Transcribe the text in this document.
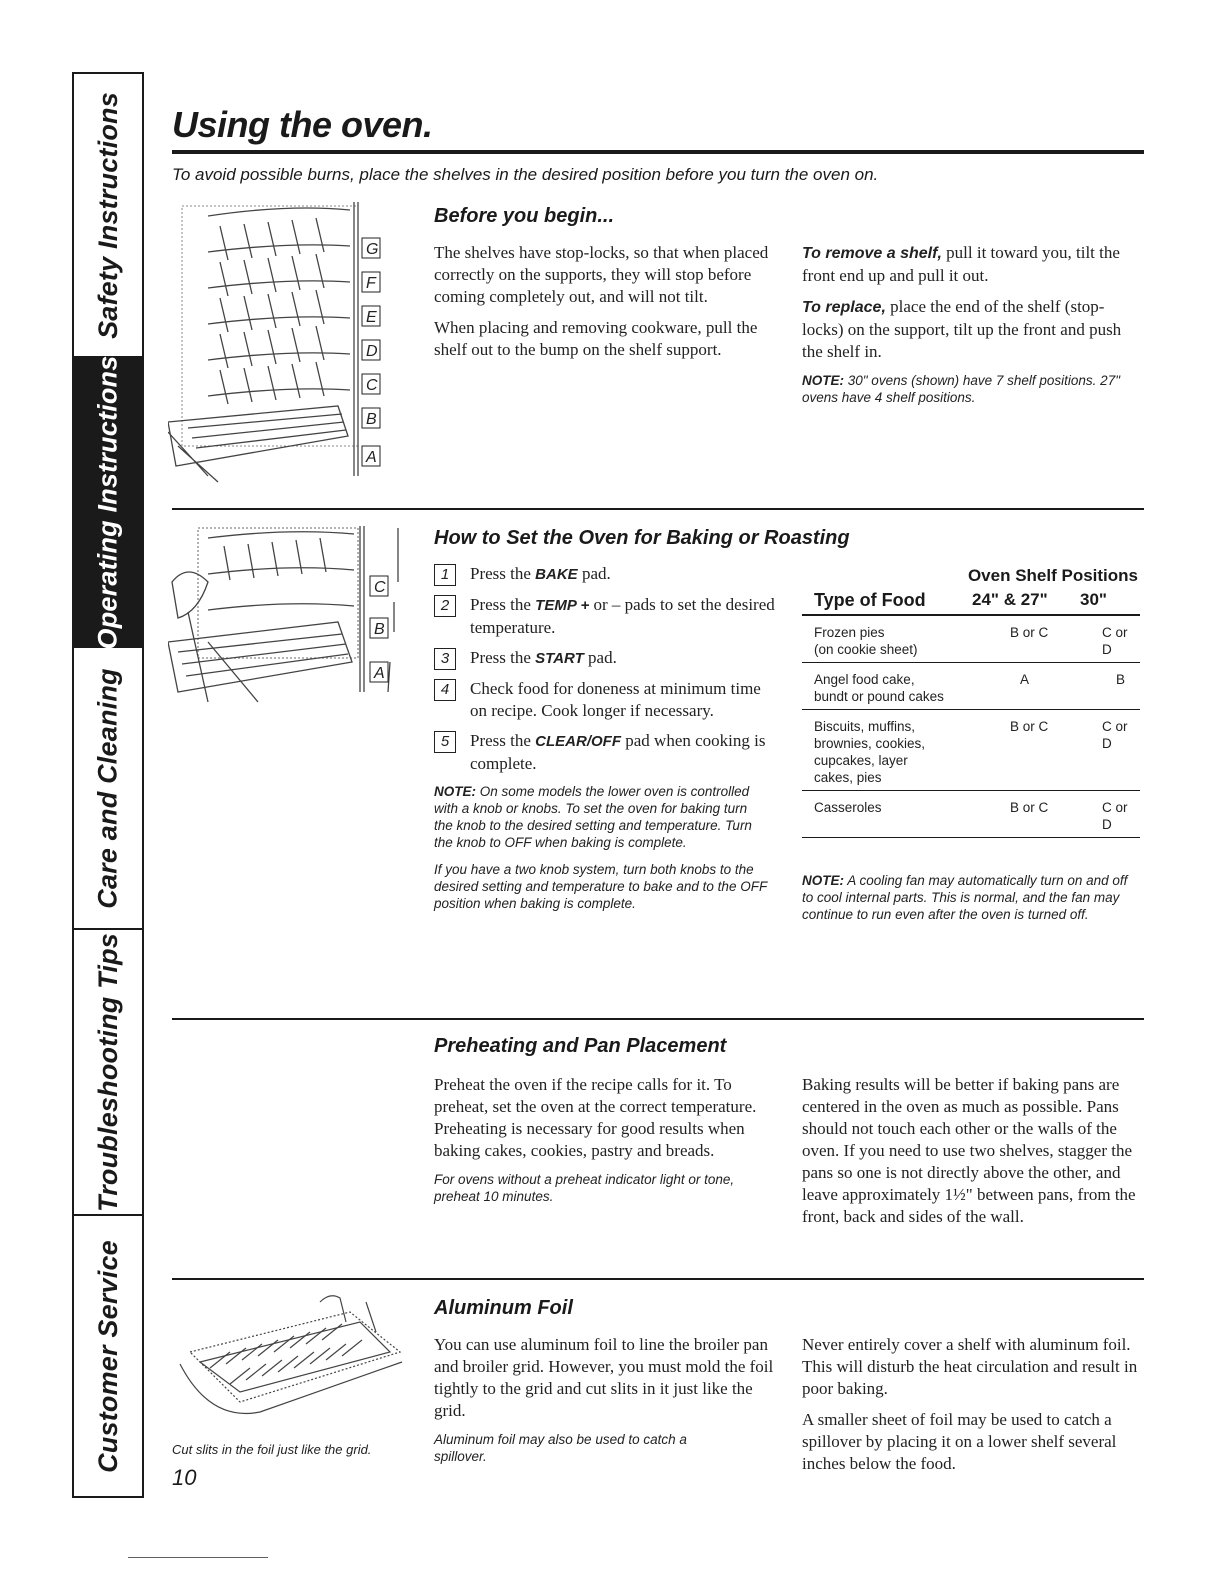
Safety Instructions
Operating Instructions
Care and Cleaning
Troubleshooting Tips
Customer Service
Using the oven.
To avoid possible burns, place the shelves in the desired position before you turn the oven on.
G
F
E
D
C
B
A
Before you begin...

The shelves have stop-locks, so that when placed correctly on the supports, they will stop before coming completely out, and will not tilt.

When placing and removing cookware, pull the shelf out to the bump on the shelf support.

To remove a shelf, pull it toward you, tilt the front end up and pull it out.

To replace, place the end of the shelf (stop-locks) on the support, tilt up the front and push the shelf in.

NOTE: 30" ovens (shown) have 7 shelf positions. 27" ovens have 4 shelf positions.

C
B
A
How to Set the Oven for Baking or Roasting
1	Press the BAKE pad.
2	Press the TEMP + or – pads to set the desired temperature.
3	Press the START pad.
4	Check food for doneness at minimum time on recipe. Cook longer if necessary.
5	Press the CLEAR/OFF pad when cooking is complete.

NOTE: On some models the lower oven is controlled with a knob or knobs. To set the oven for baking turn the knob to the desired setting and temperature. Turn the knob to OFF when baking is complete.

If you have a two knob system, turn both knobs to the desired setting and temperature to bake and to the OFF position when baking is complete.

Oven Shelf Positions
Type of Food	24" & 27" 30"
Frozen pies
(on cookie sheet)
B or C	C or D
Angel food cake,
bundt or pound cakes
A	B
Biscuits, muffins,
brownies, cookies,
cupcakes, layer
cakes, pies
B or C	C or D
Casseroles	B or C	C or D

NOTE: A cooling fan may automatically turn on and off to cool internal parts. This is normal, and the fan may continue to run even after the oven is turned off.

Preheating and Pan Placement

Preheat the oven if the recipe calls for it. To preheat, set the oven at the correct temperature. Preheating is necessary for good results when baking cakes, cookies, pastry and breads.

For ovens without a preheat indicator light or tone, preheat 10 minutes.

Baking results will be better if baking pans are centered in the oven as much as possible. Pans should not touch each other or the walls of the oven. If you need to use two shelves, stagger the pans so one is not directly above the other, and leave approximately 1½" between pans, from the front, back and sides of the wall.

Cut slits in the foil just like the grid.
10
Aluminum Foil

You can use aluminum foil to line the broiler pan and broiler grid. However, you must mold the foil tightly to the grid and cut slits in it just like the grid.

Aluminum foil may also be used to catch a spillover.

Never entirely cover a shelf with aluminum foil. This will disturb the heat circulation and result in poor baking.

A smaller sheet of foil may be used to catch a spillover by placing it on a lower shelf several inches below the food.
